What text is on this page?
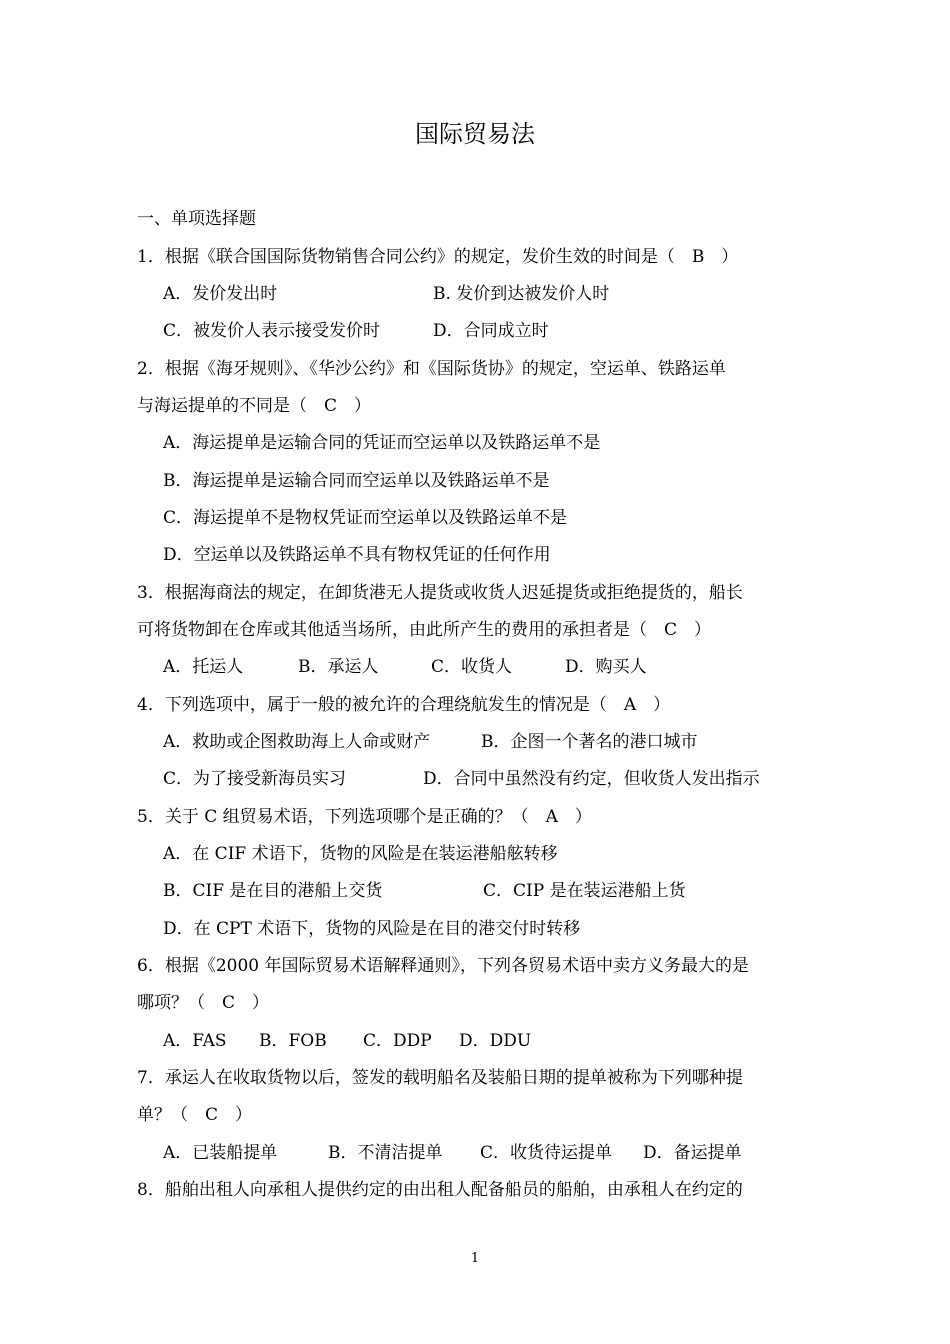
国际贸易法
一、单项选择题
1．根据《联合国国际货物销售合同公约》的规定，发价生效的时间是（　B　）
A．发价发出时	B. 发价到达被发价人时
C．被发价人表示接受发价时	D．合同成立时
2．根据《海牙规则》、《华沙公约》和《国际货协》的规定，空运单、铁路运单
与海运提单的不同是（　C　）
A．海运提单是运输合同的凭证而空运单以及铁路运单不是
B．海运提单是运输合同而空运单以及铁路运单不是
C．海运提单不是物权凭证而空运单以及铁路运单不是
D．空运单以及铁路运单不具有物权凭证的任何作用
3．根据海商法的规定，在卸货港无人提货或收货人迟延提货或拒绝提货的，船长
可将货物卸在仓库或其他适当场所，由此所产生的费用的承担者是（　C　）
A．托运人	B．承运人	C．收货人	D．购买人
4．下列选项中，属于一般的被允许的合理绕航发生的情况是（　A　）
A．救助或企图救助海上人命或财产	B．企图一个著名的港口城市
C．为了接受新海员实习	D．合同中虽然没有约定，但收货人发出指示
5．关于 C 组贸易术语，下列选项哪个是正确的？（　A　）
A．在 CIF 术语下，货物的风险是在装运港船舷转移
B．CIF 是在目的港船上交货	C．CIP 是在装运港船上货
D．在 CPT 术语下，货物的风险是在目的港交付时转移
6．根据《2000 年国际贸易术语解释通则》，下列各贸易术语中卖方义务最大的是
哪项？（　C　）
A．FAS B．FOB C．DDP D．DDU
7．承运人在收取货物以后，签发的载明船名及装船日期的提单被称为下列哪种提
单？（　C　）
A．已装船提单	B．不清洁提单 C．收货待运提单 D．备运提单
8．船舶出租人向承租人提供约定的由出租人配备船员的船舶，由承租人在约定的
1
